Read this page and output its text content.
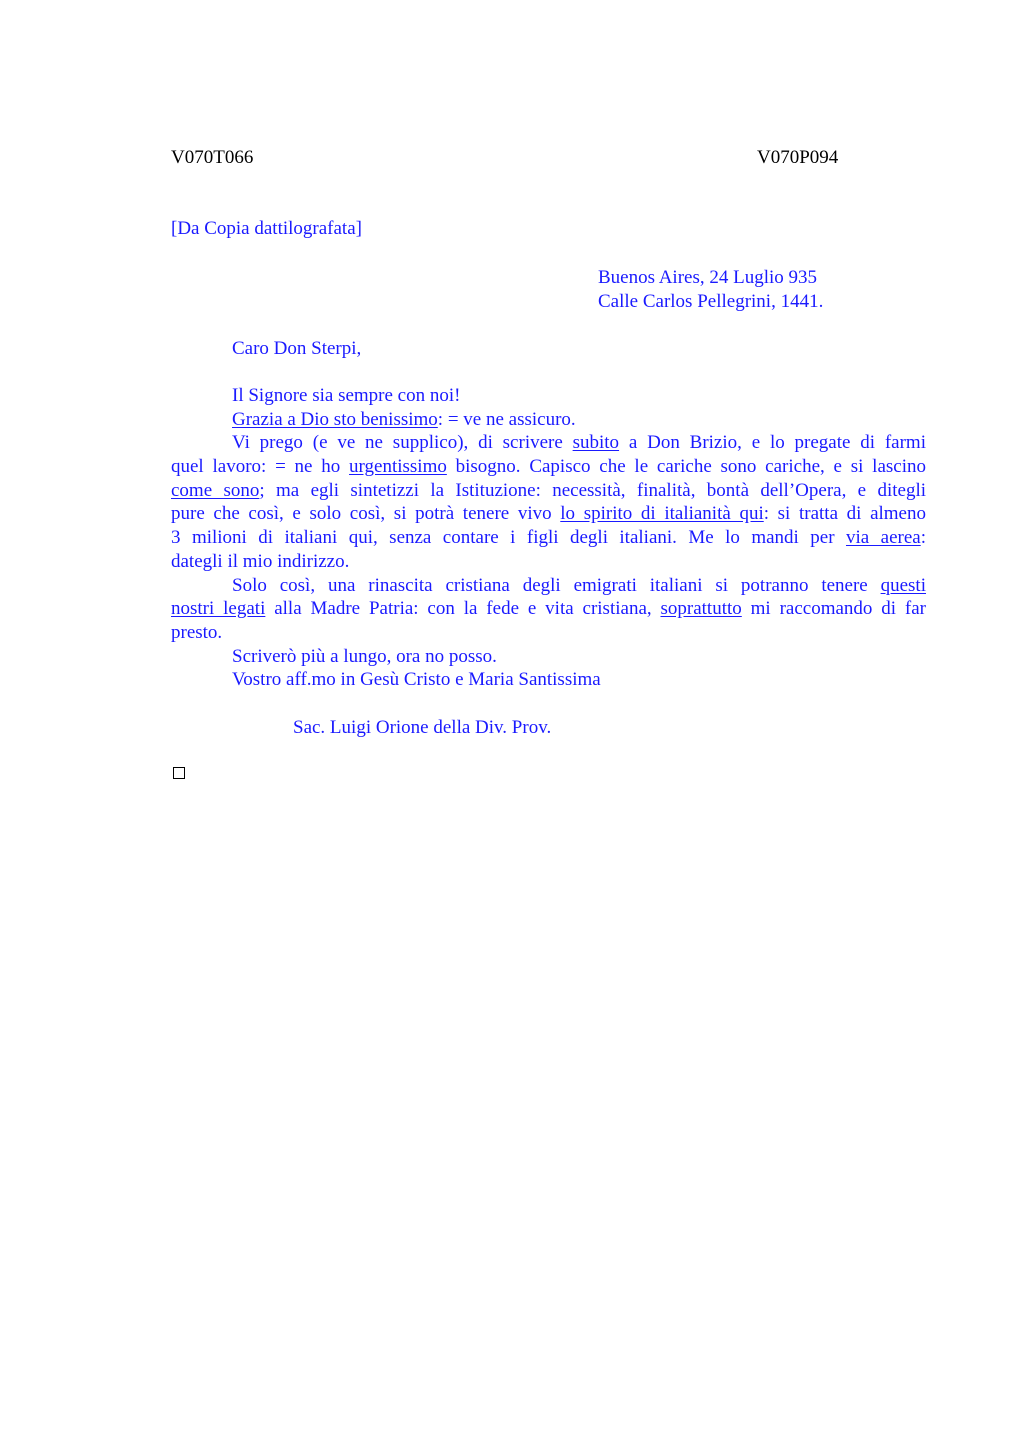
V070T066	V070P094
[Da Copia dattilografata]
Buenos Aires, 24 Luglio 935
Calle Carlos Pellegrini, 1441.
Caro Don Sterpi,
Il Signore sia sempre con noi!
Grazia a Dio sto benissimo: = ve ne assicuro.
Vi prego (e ve ne supplico), di scrivere subito a Don Brizio, e lo pregate di farmi
quel lavoro: = ne ho urgentissimo bisogno. Capisco che le cariche sono cariche, e si lascino
come sono; ma egli sintetizzi la Istituzione: necessità, finalità, bontà dell’Opera, e ditegli
pure che così, e solo così, si potrà tenere vivo lo spirito di italianità qui: si tratta di almeno
3 milioni di italiani qui, senza contare i figli degli italiani. Me lo mandi per via aerea:
dategli il mio indirizzo.
Solo così, una rinascita cristiana degli emigrati italiani si potranno tenere questi
nostri legati alla Madre Patria: con la fede e vita cristiana, soprattutto mi raccomando di far
presto.
Scriverò più a lungo, ora no posso.
Vostro aff.mo in Gesù Cristo e Maria Santissima
Sac. Luigi Orione della Div. Prov.
